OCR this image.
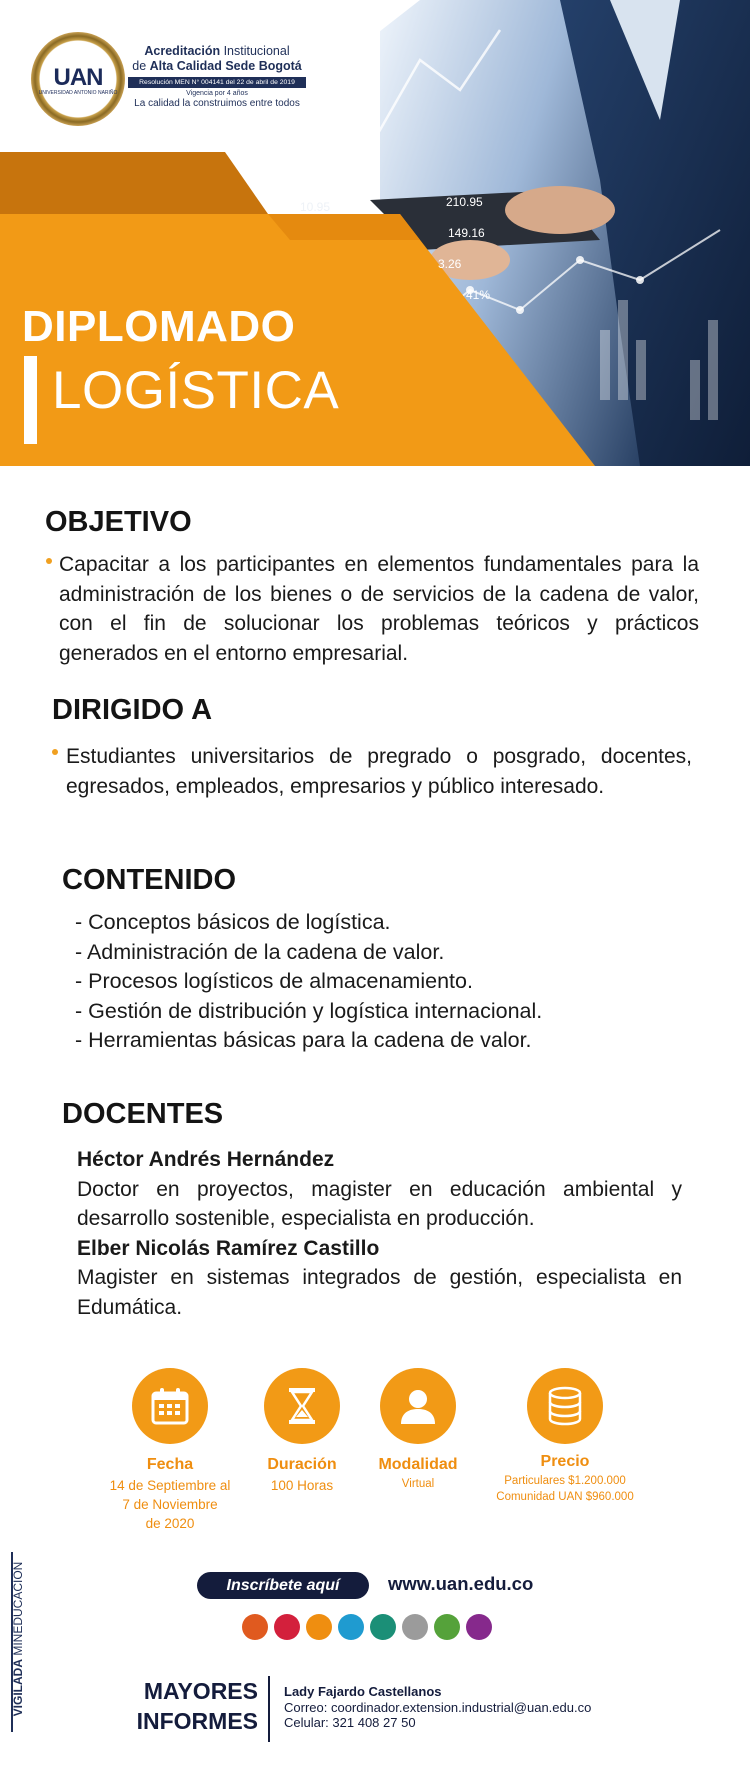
210.95
149.16
3.26
41%
10.95
UAN
UNIVERSIDAD ANTONIO NARIÑO
Acreditación Institucional
de Alta Calidad Sede Bogotá
Resolución MEN N° 004141 del 22 de abril de 2019
Vigencia por 4 años
La calidad la construimos entre todos
DIPLOMADO
LOGÍSTICA
OBJETIVO
Capacitar a los participantes en elementos fundamentales para la administración de los bienes o de servicios de la cadena de valor, con el fin de solucionar los problemas teóricos y prácticos generados en el entorno empresarial.
DIRIGIDO A
Estudiantes universitarios de pregrado o posgrado, docentes, egresados, empleados, empresarios y público interesado.
CONTENIDO
- Conceptos básicos de logística.
- Administración de la cadena de valor.
- Procesos logísticos de almacenamiento.
- Gestión de distribución y logística internacional.
- Herramientas básicas para la cadena de valor.
DOCENTES
Héctor Andrés Hernández
Doctor en proyectos, magister en educación ambiental y desarrollo sostenible, especialista en producción.
Elber Nicolás Ramírez Castillo
Magister en sistemas integrados de gestión, especialista en Edumática.
Fecha
14 de Septiembre al
7 de Noviembre
de 2020
Duración
100 Horas
Modalidad
Virtual
Precio
Particulares $1.200.000
Comunidad UAN $960.000
Inscríbete aquí	www.uan.edu.co
VIGILADA MINEDUCACIÓN
MAYORES
INFORMES
Lady Fajardo Castellanos
Correo: coordinador.extension.industrial@uan.edu.co
Celular: 321 408 27 50
